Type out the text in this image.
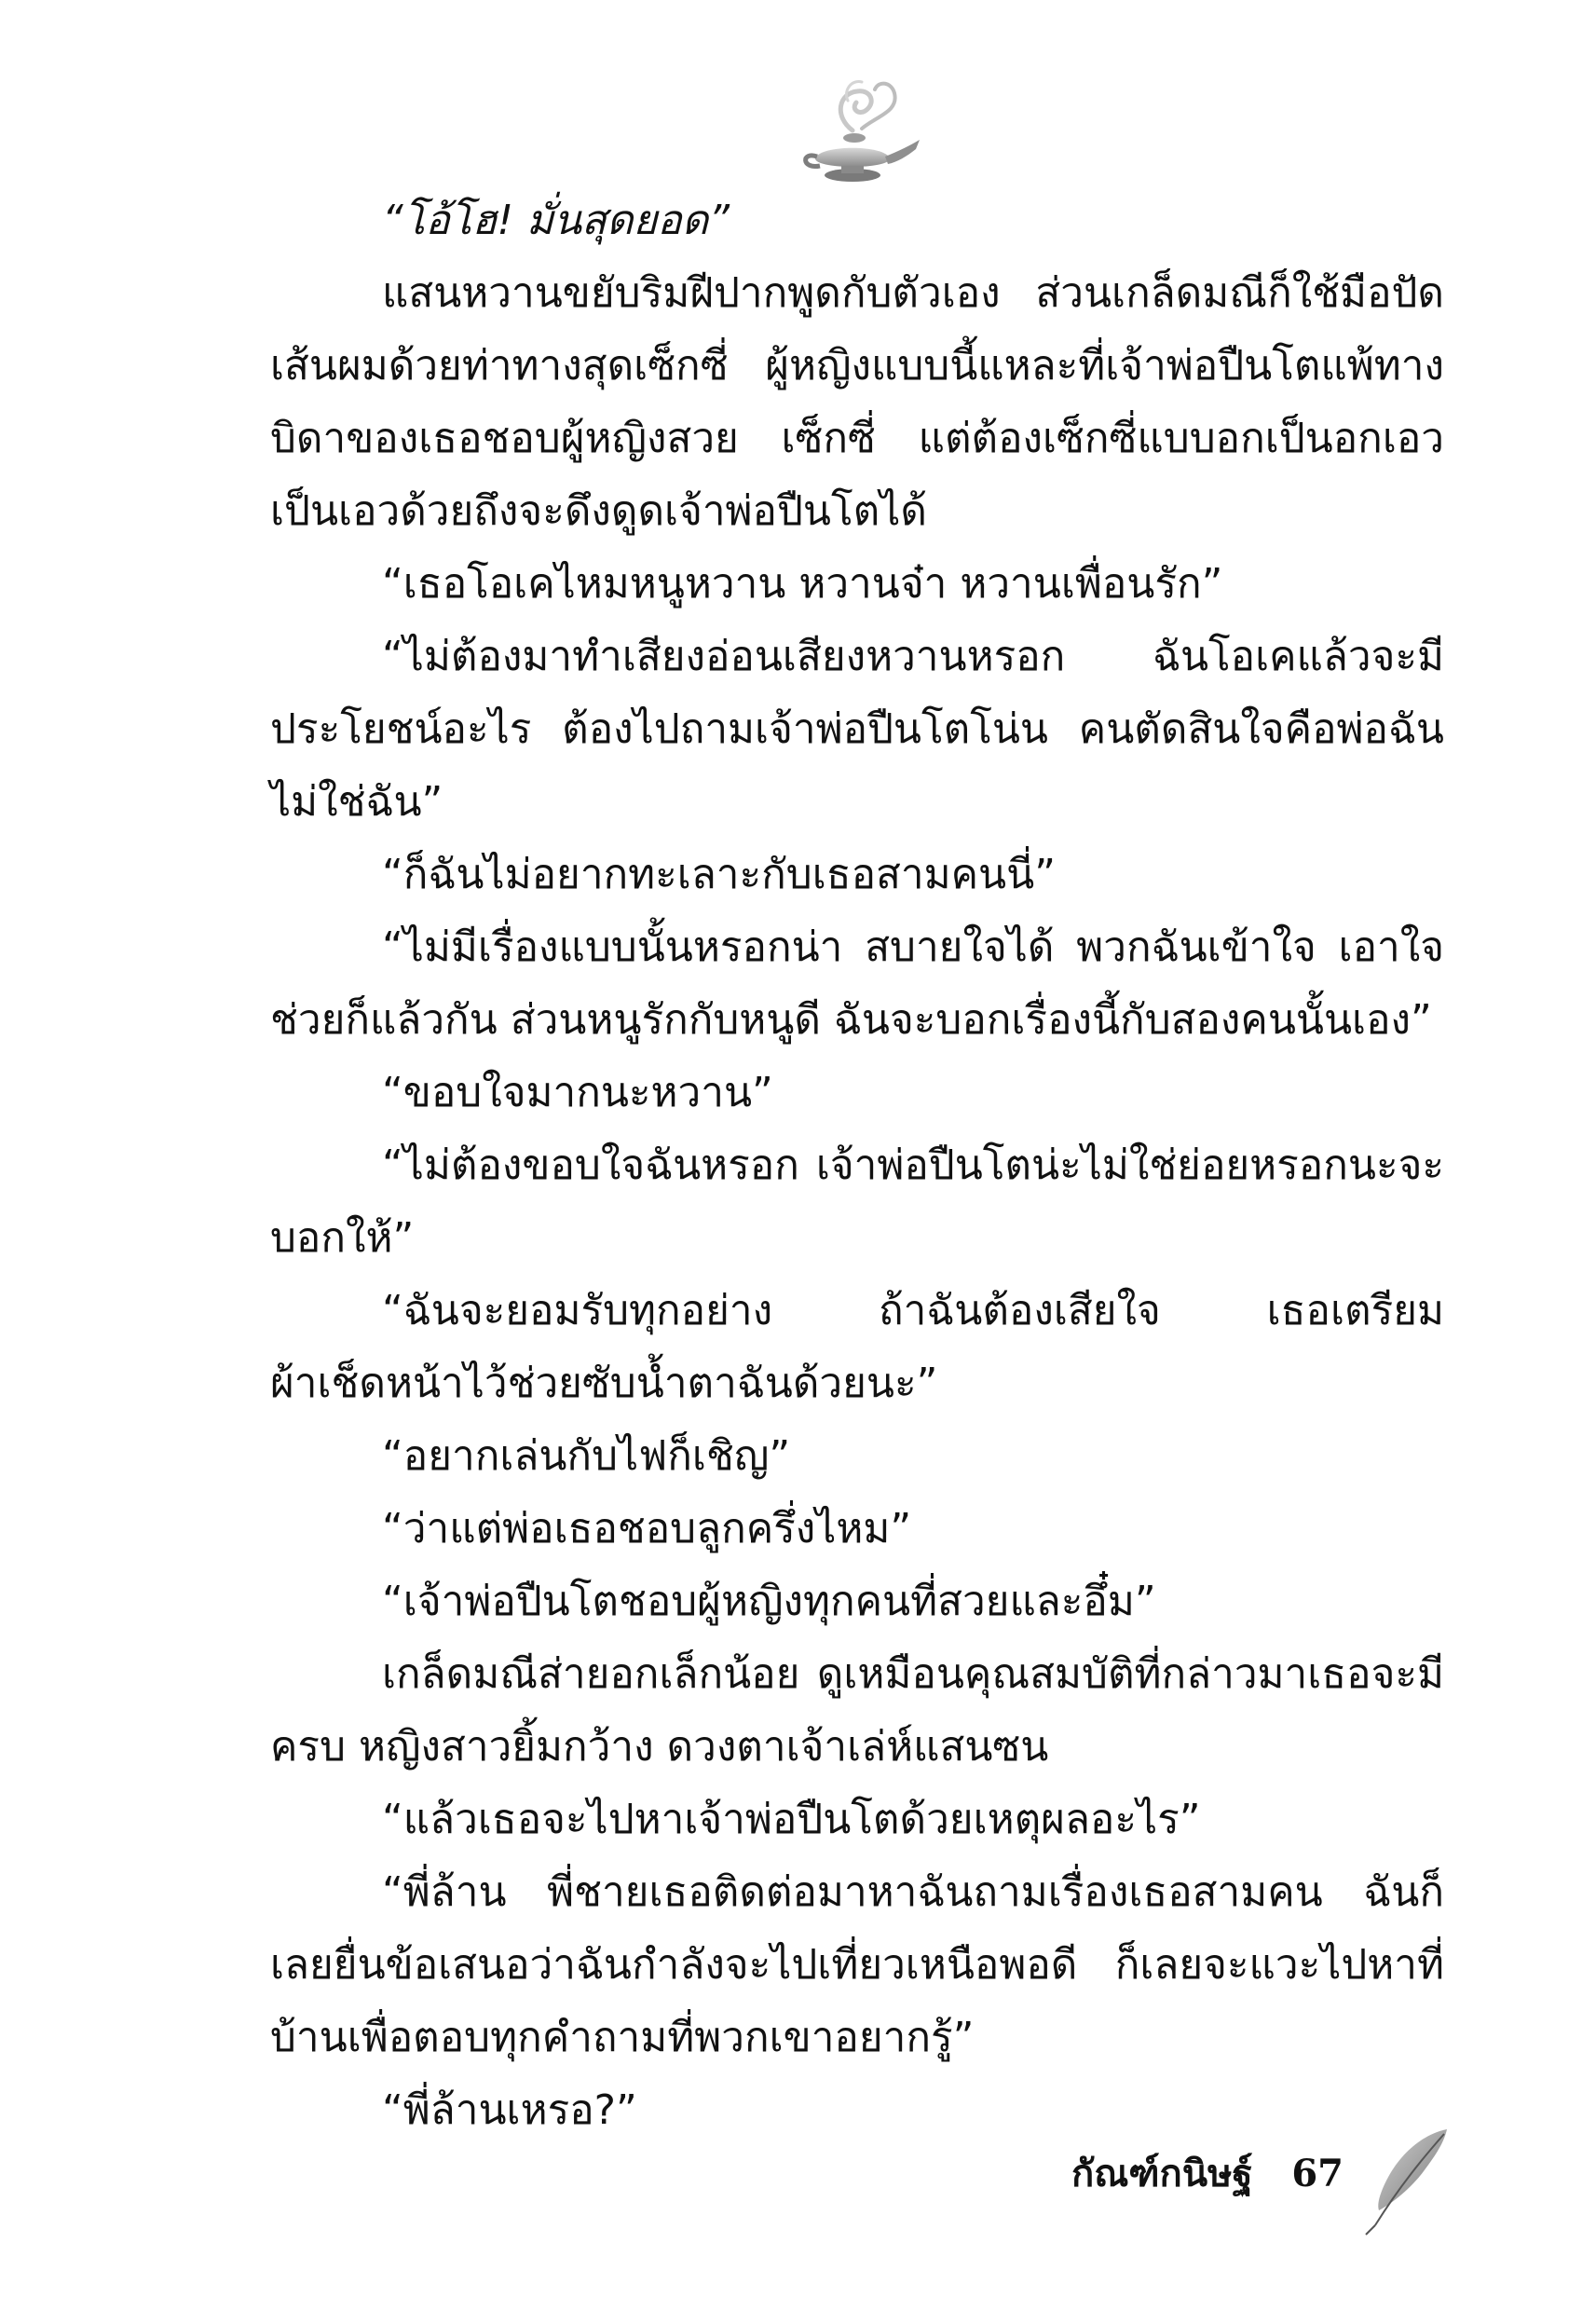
“โอ้โฮ! มั่นสุดยอด”

แสนหวานขยับริมฝีปากพูดกับตัวเอง ส่วนเกล็ดมณีก็ใช้มือปัดเส้นผมด้วยท่าทางสุดเซ็กซี่ ผู้หญิงแบบนี้แหละที่เจ้าพ่อปืนโตแพ้ทาง บิดาของเธอชอบผู้หญิงสวย เซ็กซี่ แต่ต้องเซ็กซี่แบบอกเป็นอกเอวเป็นเอวด้วยถึงจะดึงดูดเจ้าพ่อปืนโตได้

“เธอโอเคไหมหนูหวาน หวานจ๋า หวานเพื่อนรัก”

“ไม่ต้องมาทำเสียงอ่อนเสียงหวานหรอก ฉันโอเคแล้วจะมีประโยชน์อะไร ต้องไปถามเจ้าพ่อปืนโตโน่น คนตัดสินใจคือพ่อฉันไม่ใช่ฉัน”

“ก็ฉันไม่อยากทะเลาะกับเธอสามคนนี่”

“ไม่มีเรื่องแบบนั้นหรอกน่า สบายใจได้ พวกฉันเข้าใจ เอาใจช่วยก็แล้วกัน ส่วนหนูรักกับหนูดี ฉันจะบอกเรื่องนี้กับสองคนนั้นเอง”

“ขอบใจมากนะหวาน”

“ไม่ต้องขอบใจฉันหรอก เจ้าพ่อปืนโตน่ะไม่ใช่ย่อยหรอกนะจะบอกให้”

“ฉันจะยอมรับทุกอย่าง ถ้าฉันต้องเสียใจ เธอเตรียมผ้าเช็ดหน้าไว้ช่วยซับน้ำตาฉันด้วยนะ”

“อยากเล่นกับไฟก็เชิญ”

“ว่าแต่พ่อเธอชอบลูกครึ่งไหม”

“เจ้าพ่อปืนโตชอบผู้หญิงทุกคนที่สวยและอึ๋ม”

เกล็ดมณีส่ายอกเล็กน้อย ดูเหมือนคุณสมบัติที่กล่าวมาเธอจะมีครบ หญิงสาวยิ้มกว้าง ดวงตาเจ้าเล่ห์แสนซน

“แล้วเธอจะไปหาเจ้าพ่อปืนโตด้วยเหตุผลอะไร”

“พี่ล้าน พี่ชายเธอติดต่อมาหาฉันถามเรื่องเธอสามคน ฉันก็เลยยื่นข้อเสนอว่าฉันกำลังจะไปเที่ยวเหนือพอดี ก็เลยจะแวะไปหาที่บ้านเพื่อตอบทุกคำถามที่พวกเขาอยากรู้”

“พี่ล้านเหรอ?”

กัณฑ์กนิษฐ์ 67
